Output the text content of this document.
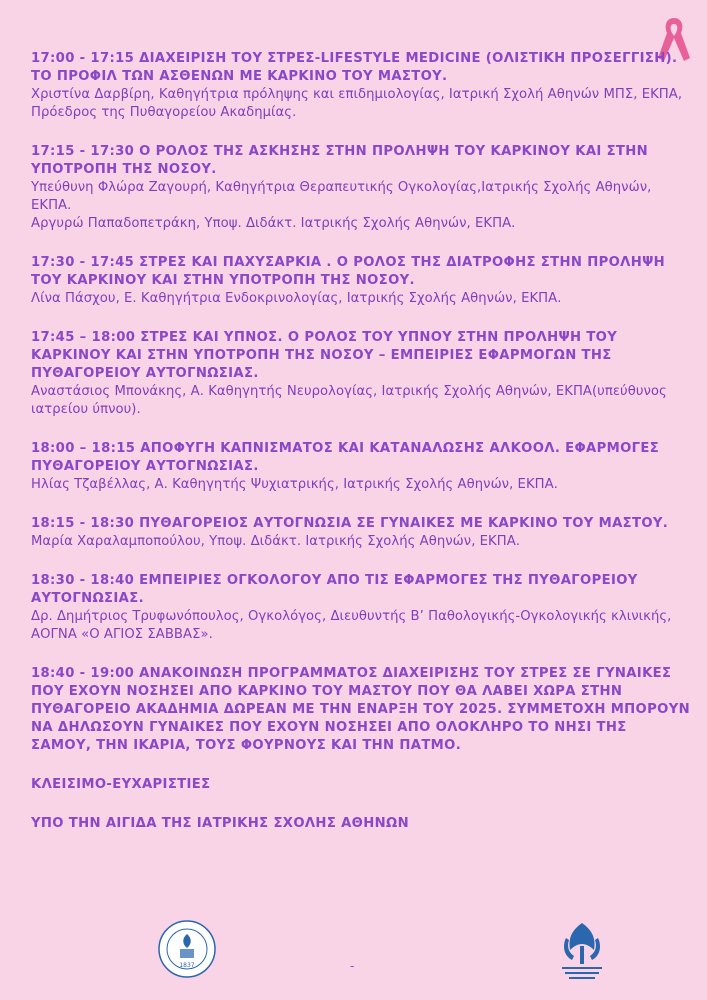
17:00 - 17:15 ΔΙΑΧΕΙΡΙΣΗ ΤΟΥ ΣΤΡΕΣ-LIFESTYLE MEDICINE (ΟΛΙΣΤΙΚΗ ΠΡΟΣΕΓΓΙΣΗ). ΤΟ ΠΡΟΦΙΛ ΤΩΝ ΑΣΘΕΝΩΝ ΜΕ ΚΑΡΚΙΝΟ ΤΟΥ ΜΑΣΤΟΥ.

Χριστίνα Δαρβίρη, Καθηγήτρια πρόληψης και επιδημιολογίας, Ιατρική Σχολή Αθηνών ΜΠΣ, ΕΚΠΑ, Πρόεδρος της Πυθαγορείου Ακαδημίας.

17:15 - 17:30 Ο ΡΟΛΟΣ ΤΗΣ ΑΣΚΗΣΗΣ ΣΤΗΝ ΠΡΟΛΗΨΗ ΤΟΥ ΚΑΡΚΙΝΟΥ ΚΑΙ ΣΤΗΝ ΥΠΟΤΡΟΠΗ ΤΗΣ ΝΟΣΟΥ.

Υπεύθυνη Φλώρα Ζαγουρή, Καθηγήτρια Θεραπευτικής Ογκολογίας,Ιατρικής Σχολής Αθηνών, ΕΚΠΑ.

Αργυρώ Παπαδοπετράκη, Υποψ. Διδάκτ. Ιατρικής Σχολής Αθηνών, ΕΚΠΑ.

17:30 - 17:45 ΣΤΡΕΣ ΚΑΙ ΠΑΧΥΣΑΡΚΙΑ . Ο ΡΟΛΟΣ ΤΗΣ ΔΙΑΤΡΟΦΗΣ ΣΤΗΝ ΠΡΟΛΗΨΗ ΤΟΥ ΚΑΡΚΙΝΟΥ ΚΑΙ ΣΤΗΝ ΥΠΟΤΡΟΠΗ ΤΗΣ ΝΟΣΟΥ.

Λίνα Πάσχου, Ε. Καθηγήτρια Ενδοκρινολογίας, Ιατρικής Σχολής Αθηνών, ΕΚΠΑ.

17:45 – 18:00 ΣΤΡΕΣ ΚΑΙ ΥΠΝΟΣ. Ο ΡΟΛΟΣ ΤΟΥ ΥΠΝΟΥ ΣΤΗΝ ΠΡΟΛΗΨΗ ΤΟΥ ΚΑΡΚΙΝΟΥ ΚΑΙ ΣΤΗΝ ΥΠΟΤΡΟΠΗ ΤΗΣ ΝΟΣΟΥ – ΕΜΠΕΙΡΙΕΣ ΕΦΑΡΜΟΓΩΝ ΤΗΣ ΠΥΘΑΓΟΡΕΙΟΥ ΑΥΤΟΓΝΩΣΙΑΣ.

Αναστάσιος Μπονάκης, Α. Καθηγητής Νευρολογίας, Ιατρικής Σχολής Αθηνών, ΕΚΠΑ(υπεύθυνος ιατρείου ύπνου).

18:00 – 18:15 ΑΠΟΦΥΓΗ ΚΑΠΝΙΣΜΑΤΟΣ ΚΑΙ ΚΑΤΑΝΑΛΩΣΗΣ ΑΛΚΟΟΛ. ΕΦΑΡΜΟΓΕΣ ΠΥΘΑΓΟΡΕΙΟΥ ΑΥΤΟΓΝΩΣΙΑΣ.

Ηλίας Τζαβέλλας, Α. Καθηγητής Ψυχιατρικής, Ιατρικής Σχολής Αθηνών, ΕΚΠΑ.

18:15 - 18:30 ΠΥΘΑΓΟΡΕΙΟΣ ΑΥΤΟΓΝΩΣΙΑ ΣΕ ΓΥΝΑΙΚΕΣ ΜΕ ΚΑΡΚΙΝΟ ΤΟΥ ΜΑΣΤΟΥ.

Μαρία Χαραλαμποπούλου, Υποψ. Διδάκτ. Ιατρικής Σχολής Αθηνών, ΕΚΠΑ.

18:30 - 18:40 ΕΜΠΕΙΡΙΕΣ ΟΓΚΟΛΟΓΟΥ ΑΠΟ ΤΙΣ ΕΦΑΡΜΟΓΕΣ ΤΗΣ ΠΥΘΑΓΟΡΕΙΟΥ ΑΥΤΟΓΝΩΣΙΑΣ.

Δρ. Δημήτριος Τρυφωνόπουλος, Ογκολόγος, Διευθυντής Β’ Παθολογικής-Ογκολογικής κλινικής, ΑΟΓΝΑ «Ο ΑΓΙΟΣ ΣΑΒΒΑΣ».

18:40 - 19:00 ΑΝΑΚΟΙΝΩΣΗ ΠΡΟΓΡΑΜΜΑΤΟΣ ΔΙΑΧΕΙΡΙΣΗΣ ΤΟΥ ΣΤΡΕΣ ΣΕ ΓΥΝΑΙΚΕΣ ΠΟΥ ΕΧΟΥΝ ΝΟΣΗΣΕΙ ΑΠΟ ΚΑΡΚΙΝΟ ΤΟΥ ΜΑΣΤΟΥ ΠΟΥ ΘΑ ΛΑΒΕΙ ΧΩΡΑ ΣΤΗΝ ΠΥΘΑΓΟΡΕΙΟ ΑΚΑΔΗΜΙΑ ΔΩΡΕΑΝ ΜΕ ΤΗΝ ΕΝΑΡΞΗ ΤΟΥ 2025. ΣΥΜΜΕΤΟΧΗ ΜΠΟΡΟΥΝ ΝΑ ΔΗΛΩΣΟΥΝ ΓΥΝΑΙΚΕΣ ΠΟΥ ΕΧΟΥΝ ΝΟΣΗΣΕΙ ΑΠΟ ΟΛΟΚΛΗΡΟ ΤΟ ΝΗΣΙ ΤΗΣ ΣΑΜΟΥ, ΤΗΝ ΙΚΑΡΙΑ, ΤΟΥΣ ΦΟΥΡΝΟΥΣ ΚΑΙ ΤΗΝ ΠΑΤΜΟ.

ΚΛΕΙΣΙΜΟ-ΕΥΧΑΡΙΣΤΙΕΣ

ΥΠΟ ΤΗΝ ΑΙΓΙΔΑ ΤΗΣ ΙΑΤΡΙΚΗΣ ΣΧΟΛΗΣ ΑΘΗΝΩΝ

1837	-
